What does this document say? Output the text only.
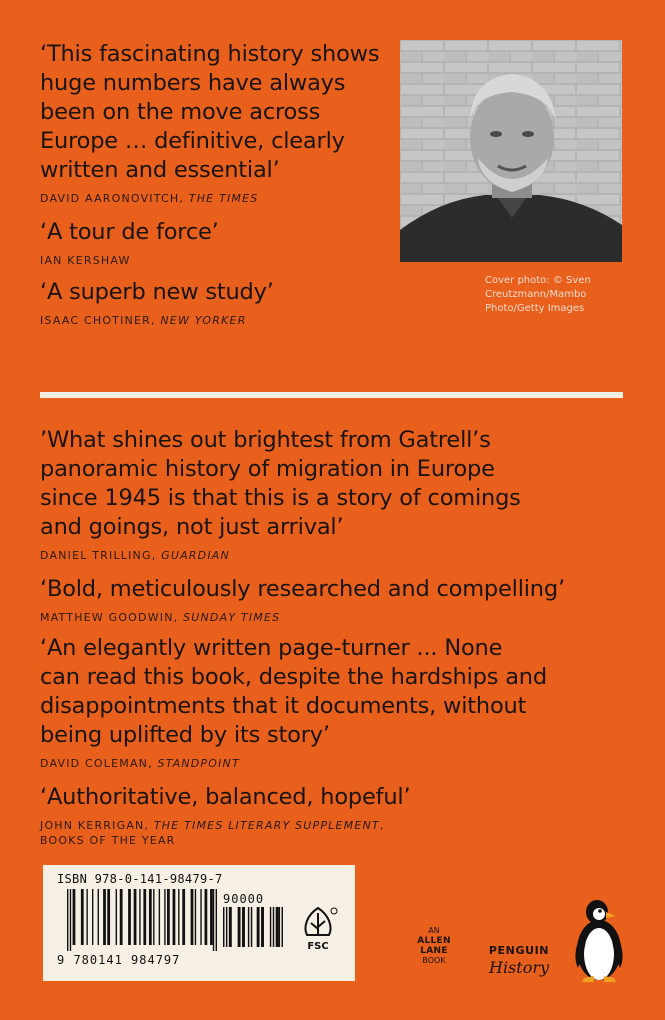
‘This fascinating history shows
huge numbers have always
been on the move across
Europe … definitive, clearly
written and essential’

DAVID AARONOVITCH, THE TIMES

‘A tour de force’

IAN KERSHAW

‘A superb new study’

ISAAC CHOTINER, NEW YORKER
Cover photo: © Sven
Creutzmann/Mambo
Photo/Getty Images

’What shines out brightest from Gatrell’s
panoramic history of migration in Europe
since 1945 is that this is a story of comings
and goings, not just arrival’

DANIEL TRILLING, GUARDIAN

‘Bold, meticulously researched and compelling’

MATTHEW GOODWIN, SUNDAY TIMES

‘An elegantly written page-turner ... None
can read this book, despite the hardships and
disappointments that it documents, without
being uplifted by its story’

DAVID COLEMAN, STANDPOINT

‘Authoritative, balanced, hopeful’

JOHN KERRIGAN, THE TIMES LITERARY SUPPLEMENT,
BOOKS OF THE YEAR
ISBN 978-0-141-98479-7
90000
9 780141 984797
FSC
AN
ALLEN
LANE
BOOK
PENGUIN
History
